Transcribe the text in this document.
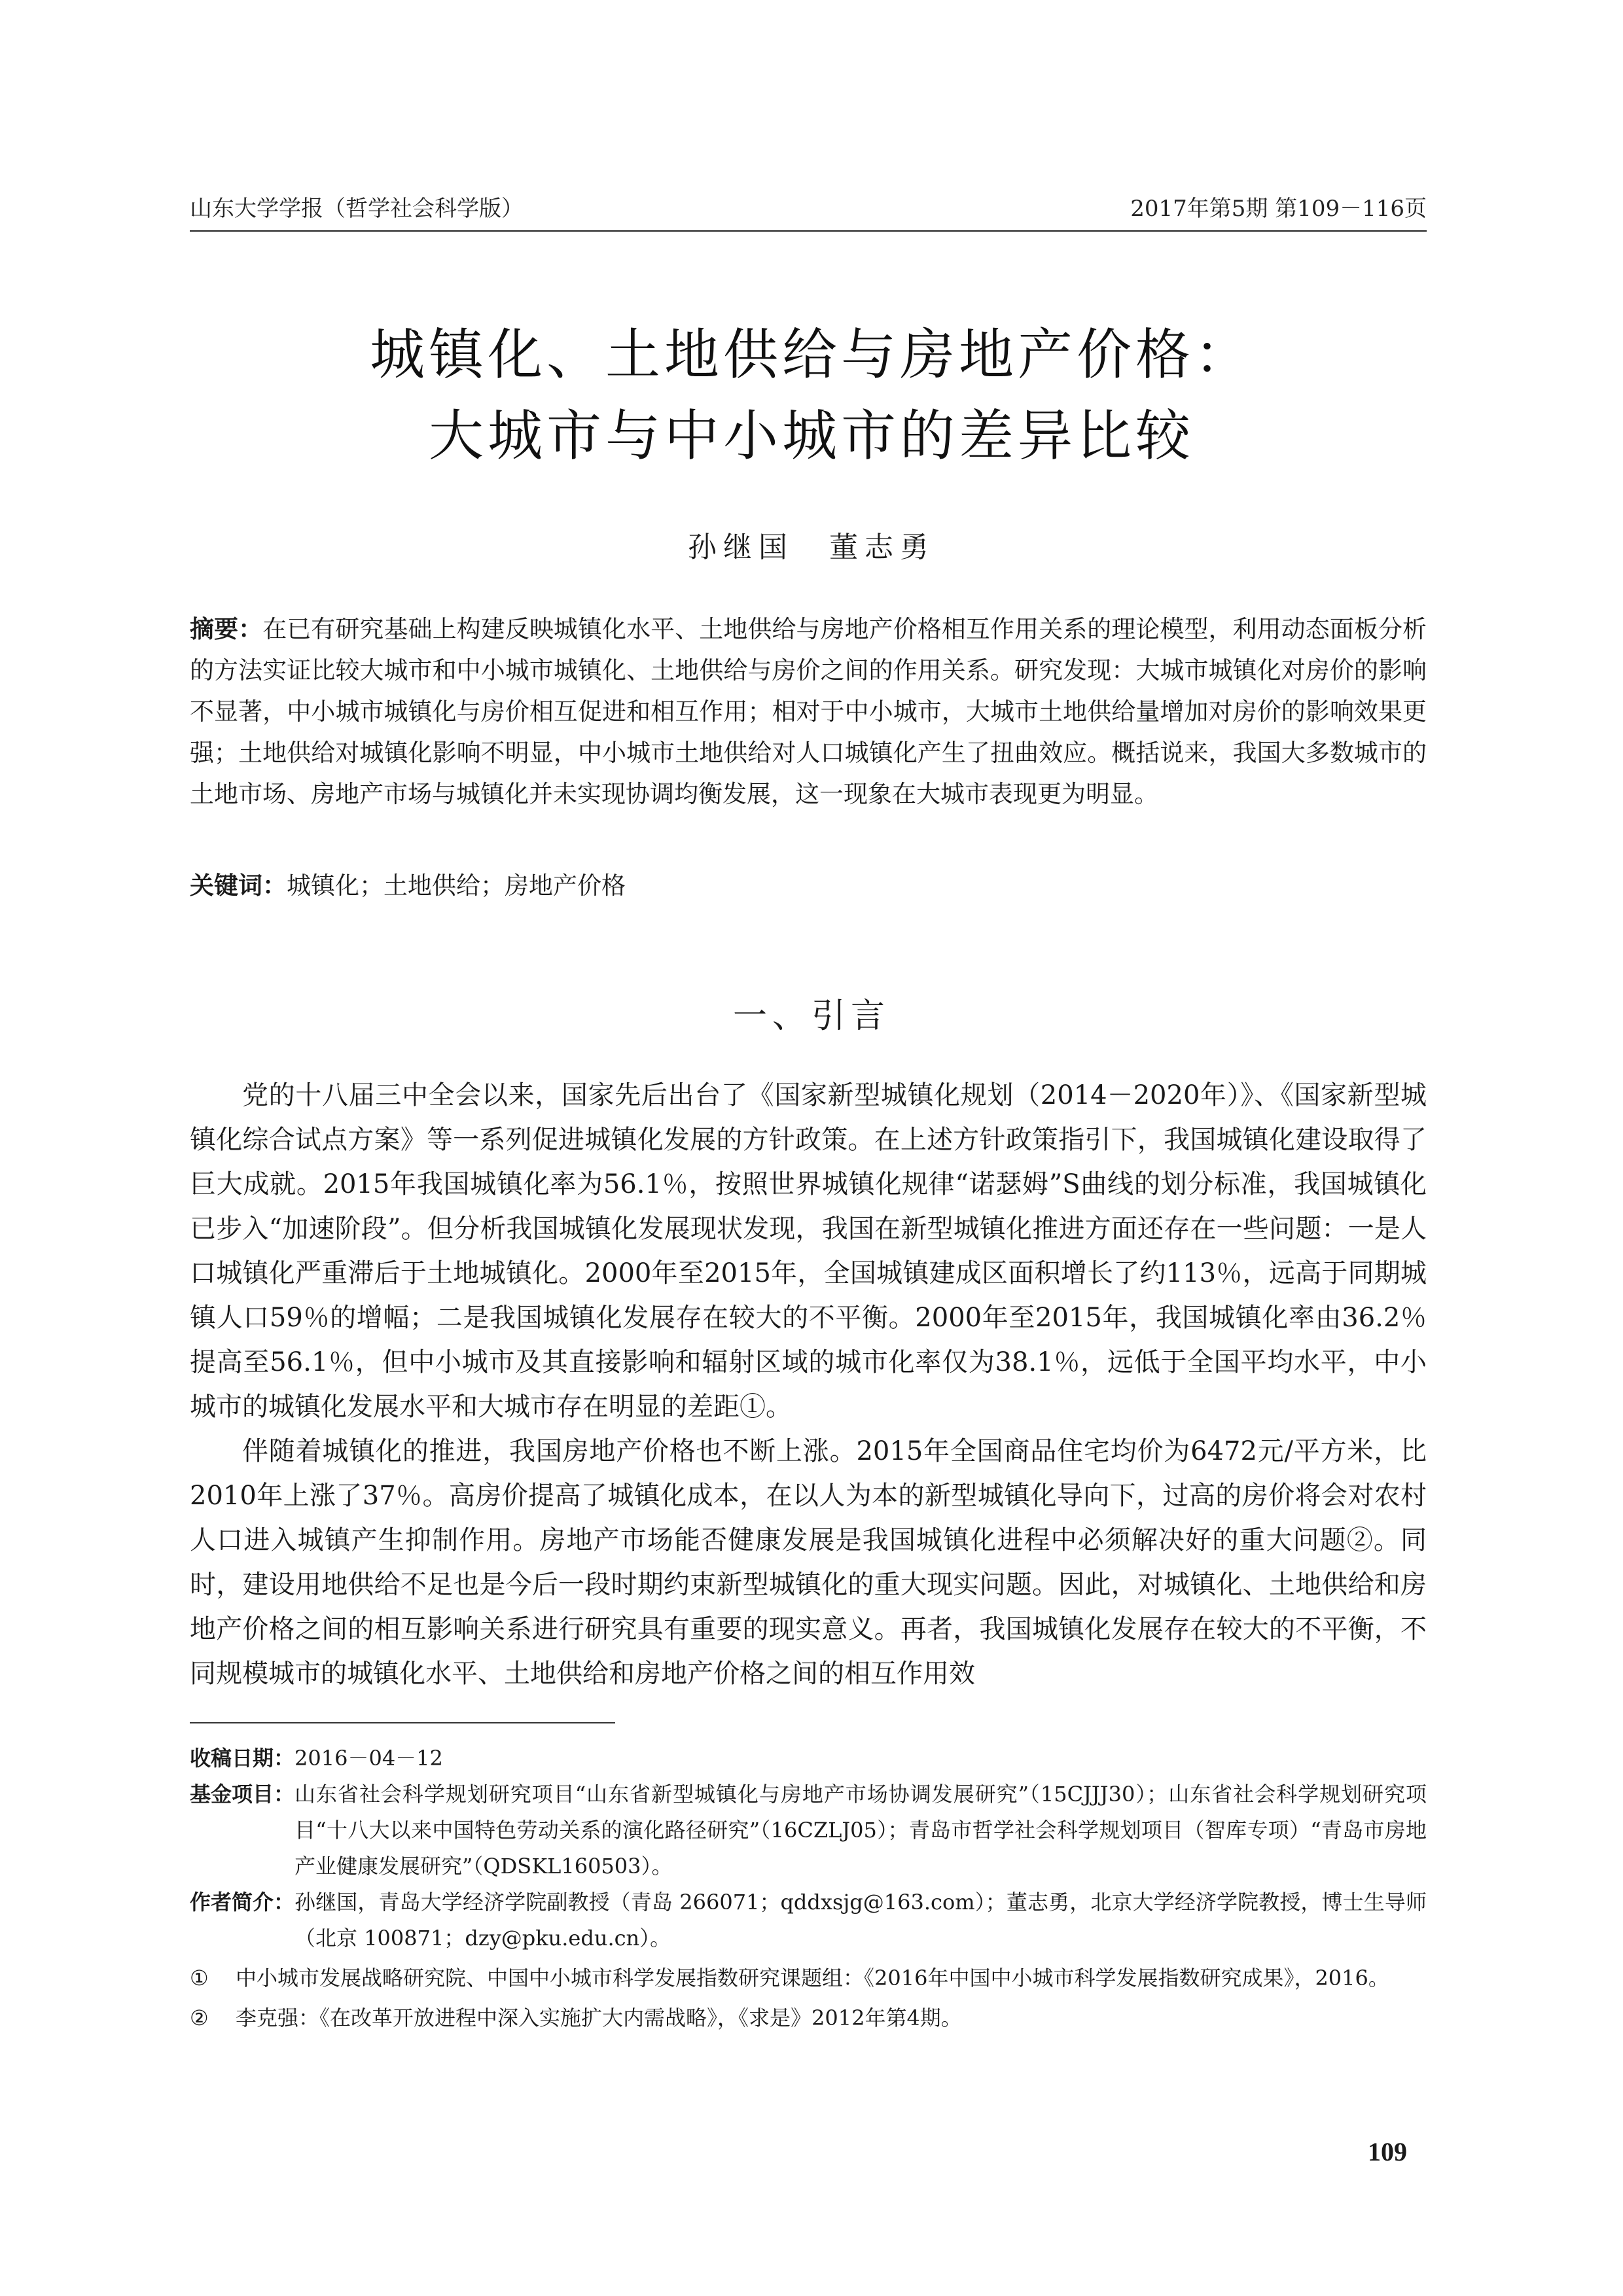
山东大学学报（哲学社会科学版）	2017年第5期 第109－116页
城镇化、土地供给与房地产价格：
大城市与中小城市的差异比较
孙继国　董志勇
摘要：在已有研究基础上构建反映城镇化水平、土地供给与房地产价格相互作用关系的理论模型，利用动态面板分析的方法实证比较大城市和中小城市城镇化、土地供给与房价之间的作用关系。研究发现：大城市城镇化对房价的影响不显著，中小城市城镇化与房价相互促进和相互作用；相对于中小城市，大城市土地供给量增加对房价的影响效果更强；土地供给对城镇化影响不明显，中小城市土地供给对人口城镇化产生了扭曲效应。概括说来，我国大多数城市的土地市场、房地产市场与城镇化并未实现协调均衡发展，这一现象在大城市表现更为明显。
关键词：城镇化；土地供给；房地产价格
一、引言

党的十八届三中全会以来，国家先后出台了《国家新型城镇化规划（2014－2020年）》、《国家新型城镇化综合试点方案》等一系列促进城镇化发展的方针政策。在上述方针政策指引下，我国城镇化建设取得了巨大成就。2015年我国城镇化率为56.1％，按照世界城镇化规律“诺瑟姆”S曲线的划分标准，我国城镇化已步入“加速阶段”。但分析我国城镇化发展现状发现，我国在新型城镇化推进方面还存在一些问题：一是人口城镇化严重滞后于土地城镇化。2000年至2015年，全国城镇建成区面积增长了约113％，远高于同期城镇人口59％的增幅；二是我国城镇化发展存在较大的不平衡。2000年至2015年，我国城镇化率由36.2％提高至56.1％，但中小城市及其直接影响和辐射区域的城市化率仅为38.1％，远低于全国平均水平，中小城市的城镇化发展水平和大城市存在明显的差距①。

伴随着城镇化的推进，我国房地产价格也不断上涨。2015年全国商品住宅均价为6472元/平方米，比2010年上涨了37％。高房价提高了城镇化成本，在以人为本的新型城镇化导向下，过高的房价将会对农村人口进入城镇产生抑制作用。房地产市场能否健康发展是我国城镇化进程中必须解决好的重大问题②。同时，建设用地供给不足也是今后一段时期约束新型城镇化的重大现实问题。因此，对城镇化、土地供给和房地产价格之间的相互影响关系进行研究具有重要的现实意义。再者，我国城镇化发展存在较大的不平衡，不同规模城市的城镇化水平、土地供给和房地产价格之间的相互作用效

收稿日期： 2016－04－12
基金项目： 山东省社会科学规划研究项目“山东省新型城镇化与房地产市场协调发展研究”（15CJJJ30）；山东省社会科学规划研究项目“十八大以来中国特色劳动关系的演化路径研究”（16CZLJ05）；青岛市哲学社会科学规划项目（智库专项）“青岛市房地产业健康发展研究”（QDSKL160503）。
作者简介： 孙继国，青岛大学经济学院副教授（青岛 266071；qddxsjg@163.com）；董志勇，北京大学经济学院教授，博士生导师（北京 100871；dzy@pku.edu.cn）。
①	中小城市发展战略研究院、中国中小城市科学发展指数研究课题组：《2016年中国中小城市科学发展指数研究成果》，2016。
②	李克强：《在改革开放进程中深入实施扩大内需战略》，《求是》2012年第4期。
109
